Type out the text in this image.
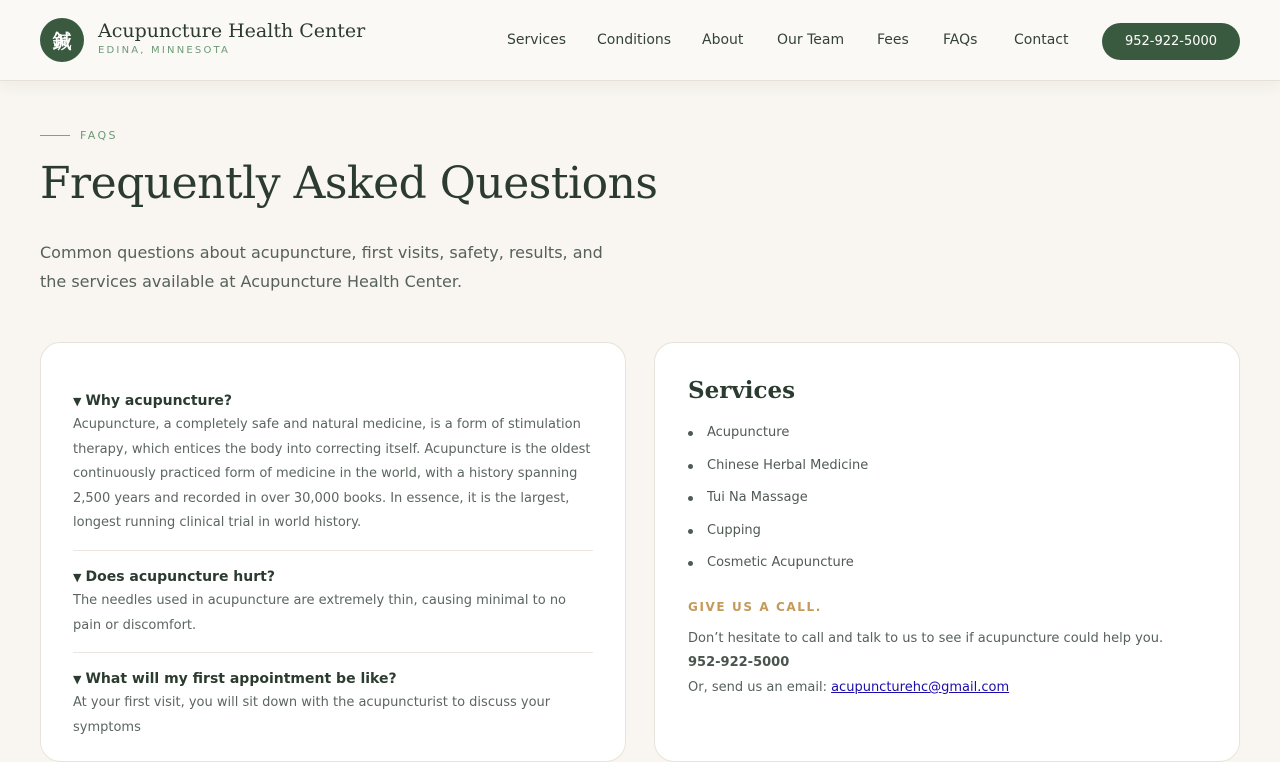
鍼	Acupuncture Health Center
EDINA, MINNESOTA
Services Conditions About Our Team Fees FAQs	Contact	952-922-5000
FAQS
Frequently Asked Questions

Common questions about acupuncture, first visits, safety, results, and the services available at Acupuncture Health Center.

▼ Why acupuncture?
Acupuncture, a completely safe and natural medicine, is a form of stimulation therapy, which entices the body into correcting itself. Acupuncture is the oldest continuously practiced form of medicine in the world, with a history spanning 2,500 years and recorded in over 30,000 books. In essence, it is the largest, longest running clinical trial in world history.
▼ Does acupuncture hurt?
The needles used in acupuncture are extremely thin, causing minimal to no pain or discomfort.
▼ What will my first appointment be like?
At your first visit, you will sit down with the acupuncturist to discuss your symptoms
Services
Acupuncture
Chinese Herbal Medicine
Tui Na Massage
Cupping
Cosmetic Acupuncture
GIVE US A CALL.
Don’t hesitate to call and talk to us to see if acupuncture could help you.
952-922-5000
Or, send us an email: acupuncturehc@gmail.com
